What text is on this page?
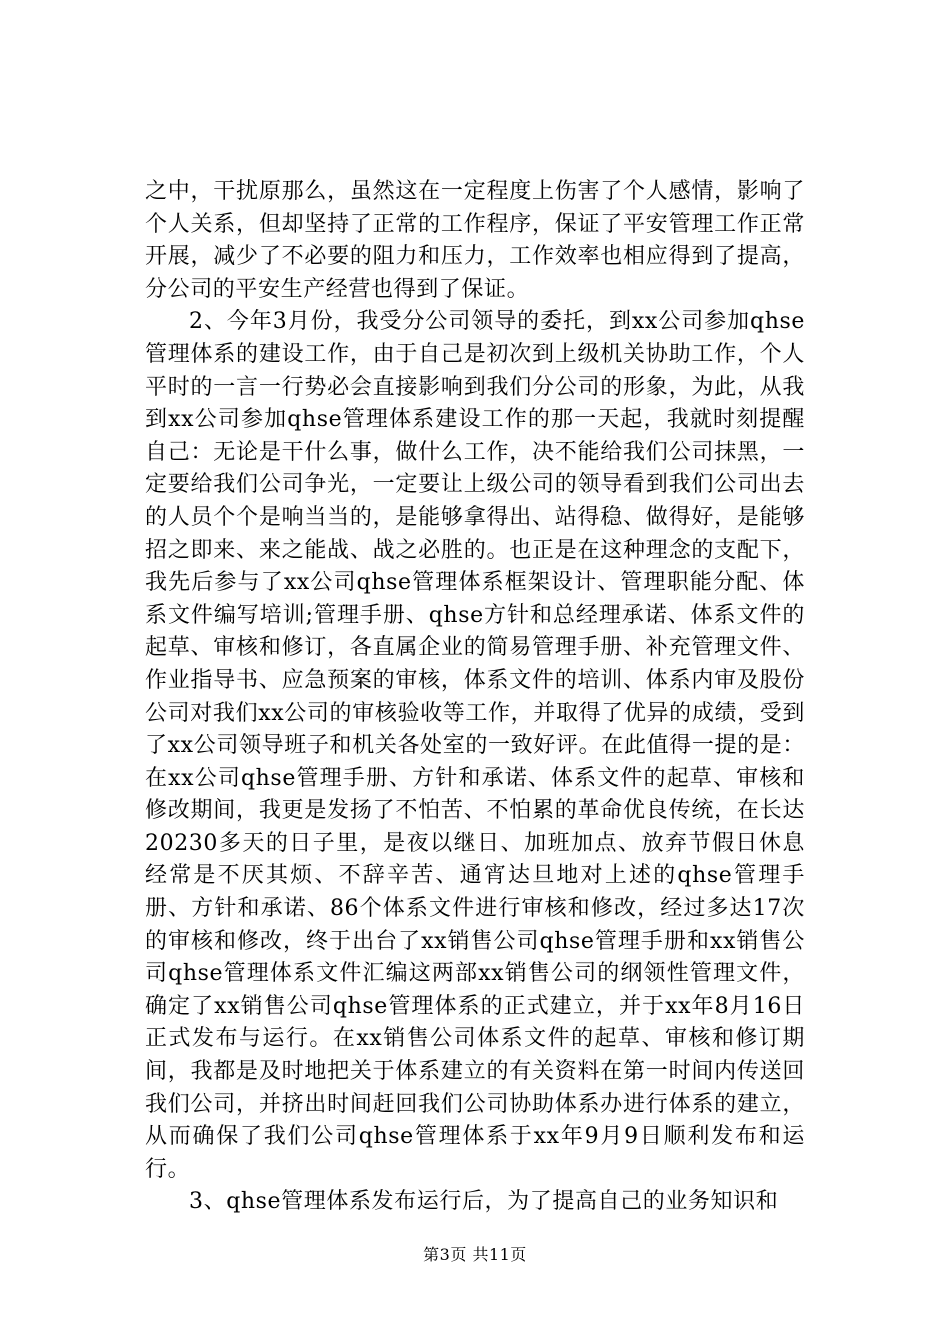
之中，干扰原那么，虽然这在一定程度上伤害了个人感情，影响了个人关系，但却坚持了正常的工作程序，保证了平安管理工作正常开展，减少了不必要的阻力和压力，工作效率也相应得到了提高，分公司的平安生产经营也得到了保证。

2、今年3月份，我受分公司领导的委托，到xx公司参加qhse管理体系的建设工作，由于自己是初次到上级机关协助工作，个人平时的一言一行势必会直接影响到我们分公司的形象，为此，从我到xx公司参加qhse管理体系建设工作的那一天起，我就时刻提醒自己：无论是干什么事，做什么工作，决不能给我们公司抹黑，一定要给我们公司争光，一定要让上级公司的领导看到我们公司出去的人员个个是响当当的，是能够拿得出、站得稳、做得好，是能够招之即来、来之能战、战之必胜的。也正是在这种理念的支配下，我先后参与了xx公司qhse管理体系框架设计、管理职能分配、体系文件编写培训;管理手册、qhse方针和总经理承诺、体系文件的起草、审核和修订，各直属企业的简易管理手册、补充管理文件、作业指导书、应急预案的审核，体系文件的培训、体系内审及股份公司对我们xx公司的审核验收等工作，并取得了优异的成绩，受到了xx公司领导班子和机关各处室的一致好评。在此值得一提的是：在xx公司qhse管理手册、方针和承诺、体系文件的起草、审核和修改期间，我更是发扬了不怕苦、不怕累的革命优良传统，在长达20230多天的日子里，是夜以继日、加班加点、放弃节假日休息经常是不厌其烦、不辞辛苦、通宵达旦地对上述的qhse管理手册、方针和承诺、86个体系文件进行审核和修改，经过多达17次的审核和修改，终于出台了xx销售公司qhse管理手册和xx销售公司qhse管理体系文件汇编这两部xx销售公司的纲领性管理文件，确定了xx销售公司qhse管理体系的正式建立，并于xx年8月16日正式发布与运行。在xx销售公司体系文件的起草、审核和修订期间，我都是及时地把关于体系建立的有关资料在第一时间内传送回我们公司，并挤出时间赶回我们公司协助体系办进行体系的建立，从而确保了我们公司qhse管理体系于xx年9月9日顺利发布和运行。

3、qhse管理体系发布运行后，为了提高自己的业务知识和

第3页 共11页
